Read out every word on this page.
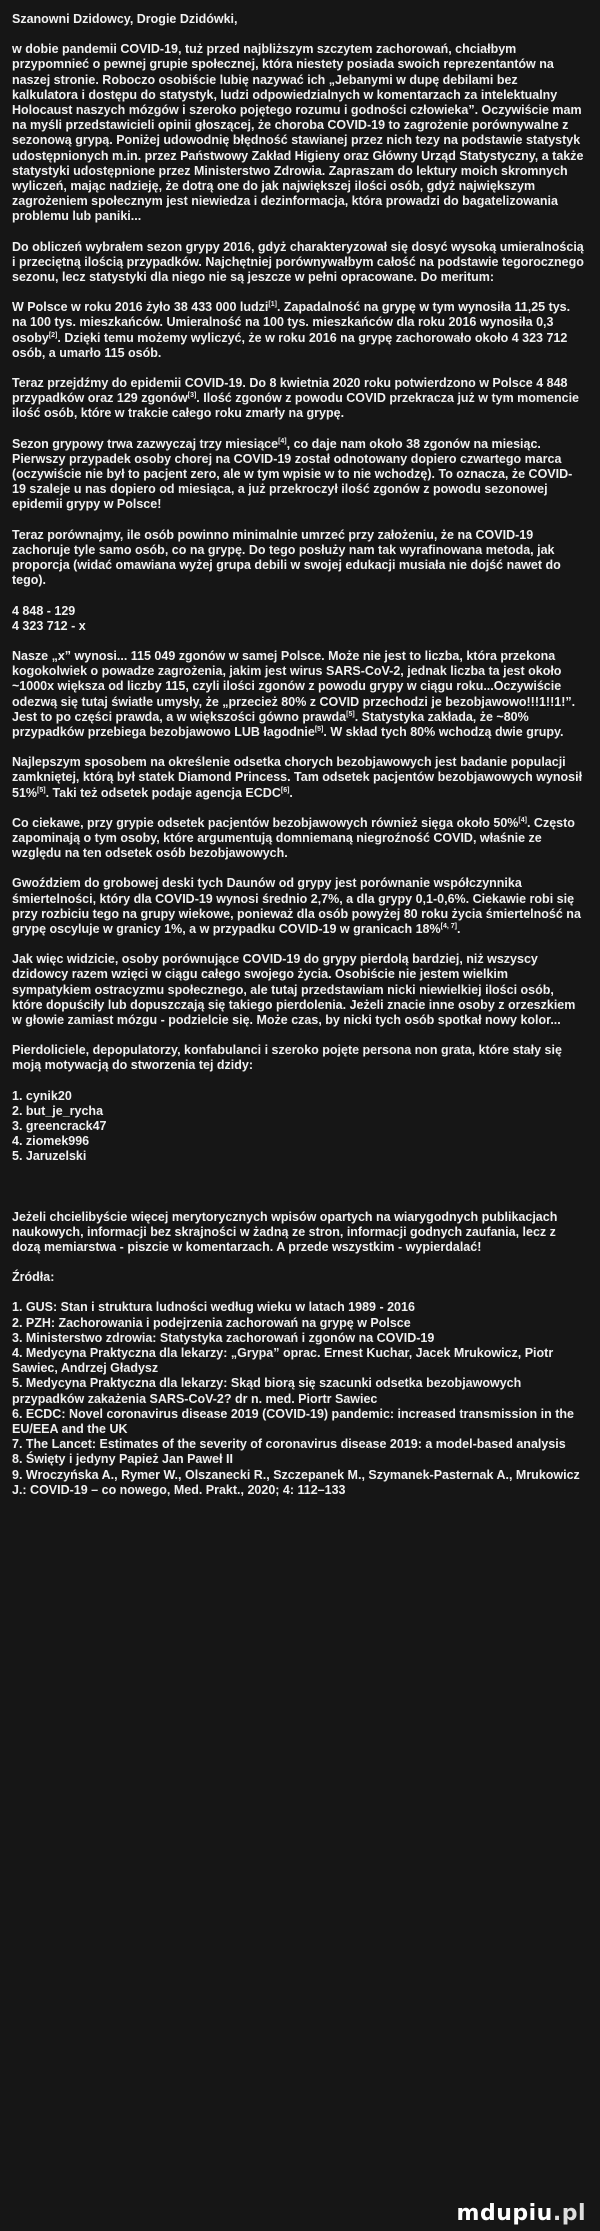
Szanowni Dzidowcy, Drogie Dzidówki,

w dobie pandemii COVID-19, tuż przed najbliższym szczytem zachorowań, chciałbym przypomnieć o pewnej grupie społecznej, która niestety posiada swoich reprezentantów na naszej stronie. Roboczo osobiście lubię nazywać ich „Jebanymi w dupę debilami bez kalkulatora i dostępu do statystyk, ludzi odpowiedzialnych w komentarzach za intelektualny Holocaust naszych mózgów i szeroko pojętego rozumu i godności człowieka”. Oczywiście mam na myśli przedstawicieli opinii głoszącej, że choroba COVID-19 to zagrożenie porównywalne z sezonową grypą. Poniżej udowodnię błędność stawianej przez nich tezy na podstawie statystyk udostępnionych m.in. przez Państwowy Zakład Higieny oraz Główny Urząd Statystyczny, a także statystyki udostępnione przez Ministerstwo Zdrowia. Zapraszam do lektury moich skromnych wyliczeń, mając nadzieję, że dotrą one do jak największej ilości osób, gdyż największym zagrożeniem społecznym jest niewiedza i dezinformacja, która prowadzi do bagatelizowania problemu lub paniki...

Do obliczeń wybrałem sezon grypy 2016, gdyż charakteryzował się dosyć wysoką umieralnością i przeciętną ilością przypadków. Najchętniej porównywałbym całość na podstawie tegorocznego sezonu, lecz statystyki dla niego nie są jeszcze w pełni opracowane. Do meritum:

W Polsce w roku 2016 żyło 38 433 000 ludzi[1]. Zapadalność na grypę w tym wynosiła 11,25 tys. na 100 tys. mieszkańców. Umieralność na 100 tys. mieszkańców dla roku 2016 wynosiła 0,3 osoby[2]. Dzięki temu możemy wyliczyć, że w roku 2016 na grypę zachorowało około 4 323 712 osób, a umarło 115 osób.

Teraz przejdźmy do epidemii COVID-19. Do 8 kwietnia 2020 roku potwierdzono w Polsce 4 848 przypadków oraz 129 zgonów[3]. Ilość zgonów z powodu COVID przekracza już w tym momencie ilość osób, które w trakcie całego roku zmarły na grypę.

Sezon grypowy trwa zazwyczaj trzy miesiące[4], co daje nam około 38 zgonów na miesiąc. Pierwszy przypadek osoby chorej na COVID-19 został odnotowany dopiero czwartego marca (oczywiście nie był to pacjent zero, ale w tym wpisie w to nie wchodzę). To oznacza, że COVID-19 szaleje u nas dopiero od miesiąca, a już przekroczył ilość zgonów z powodu sezonowej epidemii grypy w Polsce!

Teraz porównajmy, ile osób powinno minimalnie umrzeć przy założeniu, że na COVID-19 zachoruje tyle samo osób, co na grypę. Do tego posłuży nam tak wyrafinowana metoda, jak proporcja (widać omawiana wyżej grupa debili w swojej edukacji musiała nie dojść nawet do tego).

4 848 - 129
4 323 712 - x

Nasze „x” wynosi... 115 049 zgonów w samej Polsce. Może nie jest to liczba, która przekona kogokolwiek o powadze zagrożenia, jakim jest wirus SARS-CoV-2, jednak liczba ta jest około ~1000x większa od liczby 115, czyli ilości zgonów z powodu grypy w ciągu roku...Oczywiście odezwą się tutaj światłe umysły, że „przecież 80% z COVID przechodzi je bezobjawowo!!!1!!1!”. Jest to po części prawda, a w większości gówno prawda[5]. Statystyka zakłada, że ~80% przypadków przebiega bezobjawowo LUB łagodnie[5]. W skład tych 80% wchodzą dwie grupy.

Najlepszym sposobem na określenie odsetka chorych bezobjawowych jest badanie populacji zamkniętej, którą był statek Diamond Princess. Tam odsetek pacjentów bezobjawowych wynosił 51%[5]. Taki też odsetek podaje agencja ECDC[6].

Co ciekawe, przy grypie odsetek pacjentów bezobjawowych również sięga około 50%[4]. Często zapominają o tym osoby, które argumentują domniemaną niegroźność COVID, właśnie ze względu na ten odsetek osób bezobjawowych.

Gwoździem do grobowej deski tych Daunów od grypy jest porównanie współczynnika śmiertelności, który dla COVID-19 wynosi średnio 2,7%, a dla grypy 0,1-0,6%. Ciekawie robi się przy rozbiciu tego na grupy wiekowe, ponieważ dla osób powyżej 80 roku życia śmiertelność na grypę oscyluje w granicy 1%, a w przypadku COVID-19 w granicach 18%[4, 7].

Jak więc widzicie, osoby porównujące COVID-19 do grypy pierdolą bardziej, niż wszyscy dzidowcy razem wzięci w ciągu całego swojego życia. Osobiście nie jestem wielkim sympatykiem ostracyzmu społecznego, ale tutaj przedstawiam nicki niewielkiej ilości osób, które dopuściły lub dopuszczają się takiego pierdolenia. Jeżeli znacie inne osoby z orzeszkiem w głowie zamiast mózgu - podzielcie się. Może czas, by nicki tych osób spotkał nowy kolor...

Pierdoliciele, depopulatorzy, konfabulanci i szeroko pojęte persona non grata, które stały się moją motywacją do stworzenia tej dzidy:

1. cynik20
2. but_je_rycha
3. greencrack47
4. ziomek996
5. Jaruzelski

Jeżeli chcielibyście więcej merytorycznych wpisów opartych na wiarygodnych publikacjach naukowych, informacji bez skrajności w żadną ze stron, informacji godnych zaufania, lecz z dozą memiarstwa - piszcie w komentarzach. A przede wszystkim - wypierdalać!

Źródła:

1. GUS: Stan i struktura ludności według wieku w latach 1989 - 2016
2. PZH: Zachorowania i podejrzenia zachorowań na grypę w Polsce
3. Ministerstwo zdrowia: Statystyka zachorowań i zgonów na COVID-19
4. Medycyna Praktyczna dla lekarzy: „Grypa” oprac. Ernest Kuchar, Jacek Mrukowicz, Piotr Sawiec, Andrzej Gładysz
5. Medycyna Praktyczna dla lekarzy: Skąd biorą się szacunki odsetka bezobjawowych przypadków zakażenia SARS-CoV-2? dr n. med. Piortr Sawiec
6. ECDC: Novel coronavirus disease 2019 (COVID-19) pandemic: increased transmission in the EU/EEA and the UK
7. The Lancet: Estimates of the severity of coronavirus disease 2019: a model-based analysis
8. Święty i jedyny Papież Jan Paweł II
9. Wroczyńska A., Rymer W., Olszanecki R., Szczepanek M., Szymanek-Pasternak A., Mrukowicz J.: COVID-19 – co nowego, Med. Prakt., 2020; 4: 112–133
mdupiu.pl
